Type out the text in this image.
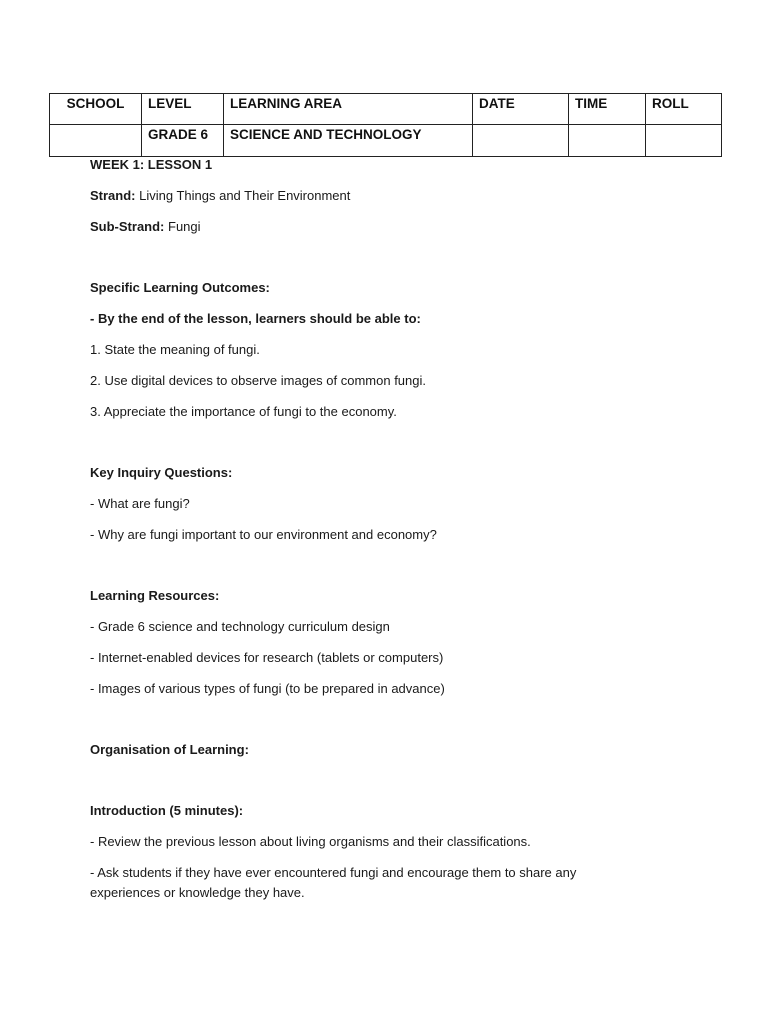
SCHOOL	LEVEL	LEARNING AREA	DATE	TIME	ROLL
	GRADE 6	SCIENCE AND TECHNOLOGY			

WEEK 1: LESSON 1

Strand: Living Things and Their Environment

Sub-Strand: Fungi

Specific Learning Outcomes:

- By the end of the lesson, learners should be able to:

1. State the meaning of fungi.

2. Use digital devices to observe images of common fungi.

3. Appreciate the importance of fungi to the economy.

Key Inquiry Questions:

- What are fungi?

- Why are fungi important to our environment and economy?

Learning Resources:

- Grade 6 science and technology curriculum design

- Internet-enabled devices for research (tablets or computers)

- Images of various types of fungi (to be prepared in advance)

Organisation of Learning:

Introduction (5 minutes):

- Review the previous lesson about living organisms and their classifications.

- Ask students if they have ever encountered fungi and encourage them to share any experiences or knowledge they have.
